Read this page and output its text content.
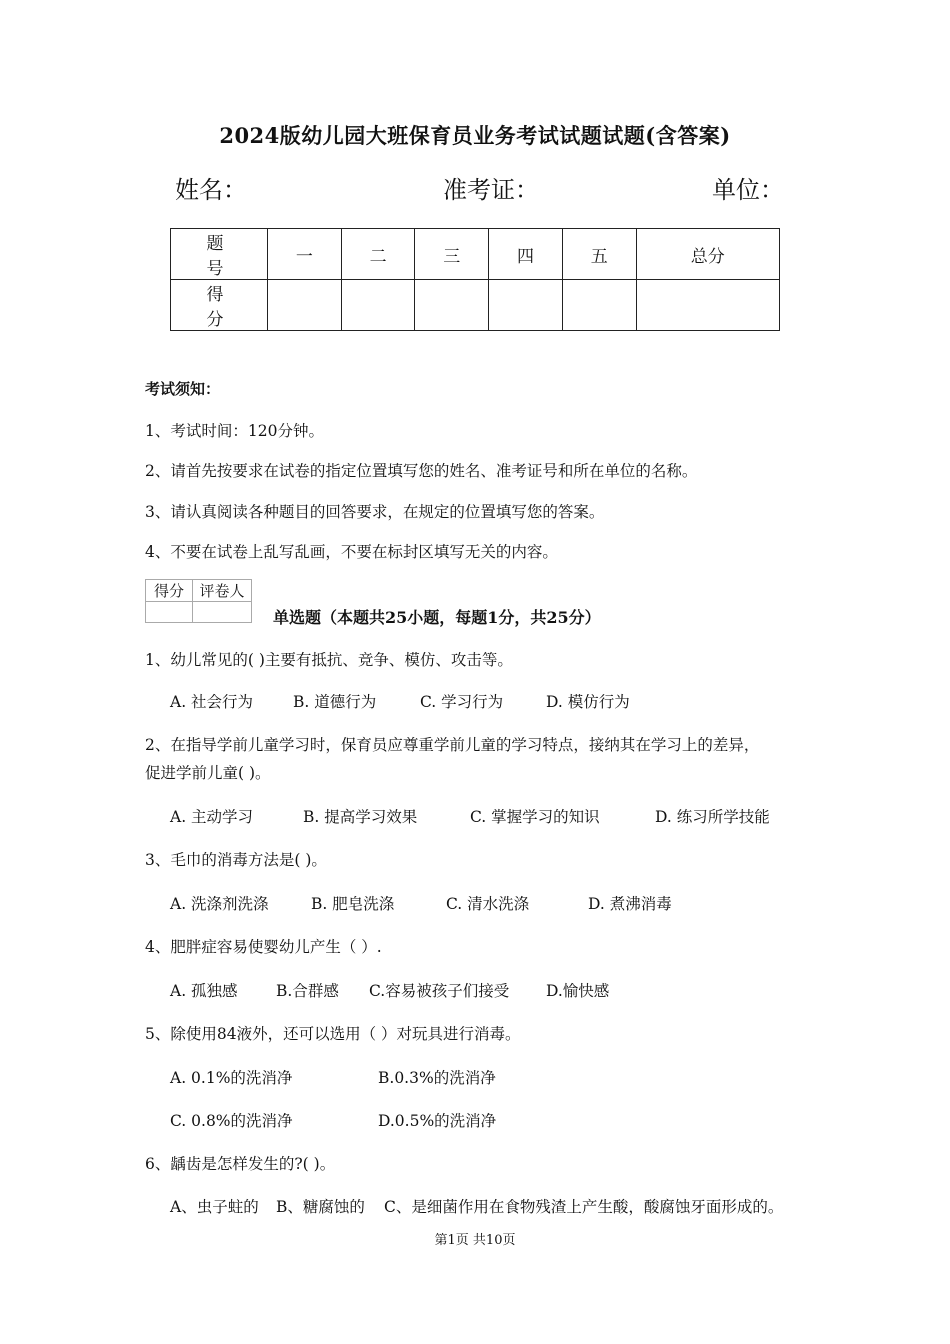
2024版幼儿园大班保育员业务考试试题试题(含答案)
姓名：	准考证：	单位：
题 号	一	二	三	四	五	总分
得 分						
考试须知：
1、考试时间：120分钟。
2、请首先按要求在试卷的指定位置填写您的姓名、准考证号和所在单位的名称。
3、请认真阅读各种题目的回答要求，在规定的位置填写您的答案。
4、不要在试卷上乱写乱画，不要在标封区填写无关的内容。
得分	评卷人

单选题（本题共25小题，每题1分，共25分）
1、幼儿常见的( )主要有抵抗、竞争、模仿、攻击等。
A. 社会行为	B. 道德行为	C. 学习行为	D. 模仿行为
2、在指导学前儿童学习时，保育员应尊重学前儿童的学习特点，接纳其在学习上的差异，
促进学前儿童( )。
A. 主动学习	B. 提高学习效果	C. 掌握学习的知识	D. 练习所学技能
3、毛巾的消毒方法是( )。
A. 洗涤剂洗涤	B. 肥皂洗涤	C. 清水洗涤	D. 煮沸消毒
4、肥胖症容易使婴幼儿产生（ ）.
A. 孤独感 B.合群感 C.容易被孩子们接受 D.愉快感
5、除使用84液外，还可以选用（ ）对玩具进行消毒。
A. 0.1%的洗消净	B.0.3%的洗消净
C. 0.8%的洗消净	D.0.5%的洗消净
6、龋齿是怎样发生的?( )。
A、虫子蛀的 B、糖腐蚀的 C、是细菌作用在食物残渣上产生酸，酸腐蚀牙面形成的。
第1页 共10页
